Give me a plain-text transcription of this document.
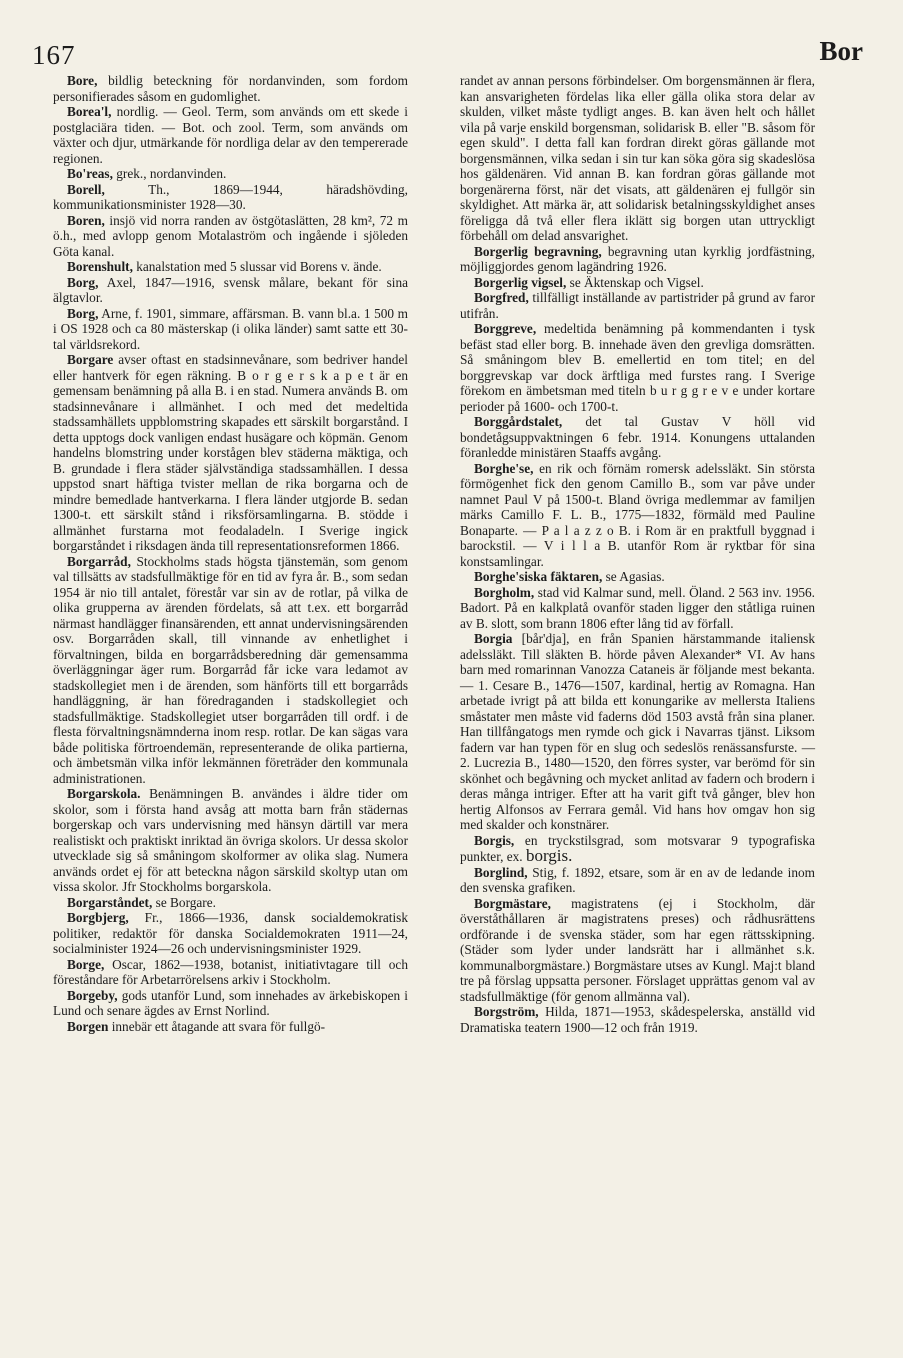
167	Bor

Bore, bildlig beteckning för nordanvinden, som fordom personifierades såsom en gudomlighet.

Borea'l, nordlig. — Geol. Term, som används om ett skede i postglaciära tiden. — Bot. och zool. Term, som används om växter och djur, utmärkande för nordliga delar av den tempererade regionen.

Bo'reas, grek., nordanvinden.

Borell, Th., 1869—1944, häradshövding, kommunikationsminister 1928—30.

Boren, insjö vid norra randen av östgötaslätten, 28 km², 72 m ö.h., med avlopp genom Motalaström och ingående i sjöleden Göta kanal.

Borenshult, kanalstation med 5 slussar vid Borens v. ände.

Borg, Axel, 1847—1916, svensk målare, bekant för sina älgtavlor.

Borg, Arne, f. 1901, simmare, affärsman. B. vann bl.a. 1 500 m i OS 1928 och ca 80 mästerskap (i olika länder) samt satte ett 30-tal världsrekord.

Borgare avser oftast en stadsinnevånare, som bedriver handel eller hantverk för egen räkning. B o r g e r s k a p e t är en gemensam benämning på alla B. i en stad. Numera används B. om stadsinnevånare i allmänhet. I och med det medeltida stadssamhällets uppblomstring skapades ett särskilt borgarstånd. I detta upptogs dock vanligen endast husägare och köpmän. Genom handelns blomstring under korstågen blev städerna mäktiga, och B. grundade i flera städer självständiga stadssamhällen. I dessa uppstod snart häftiga tvister mellan de rika borgarna och de mindre bemedlade hantverkarna. I flera länder utgjorde B. sedan 1300-t. ett särskilt stånd i riksförsamlingarna. B. stödde i allmänhet furstarna mot feodaladeln. I Sverige ingick borgarståndet i riksdagen ända till representationsreformen 1866.

Borgarråd, Stockholms stads högsta tjänstemän, som genom val tillsätts av stadsfullmäktige för en tid av fyra år. B., som sedan 1954 är nio till antalet, förestår var sin av de rotlar, på vilka de olika grupperna av ärenden fördelats, så att t.ex. ett borgarråd närmast handlägger finansärenden, ett annat undervisningsärenden osv. Borgarråden skall, till vinnande av enhetlighet i förvaltningen, bilda en borgarrådsberedning där gemensamma överläggningar äger rum. Borgarråd får icke vara ledamot av stadskollegiet men i de ärenden, som hänförts till ett borgarråds handläggning, är han föredraganden i stadskollegiet och stadsfullmäktige. Stadskollegiet utser borgarråden till ordf. i de flesta förvaltningsnämnderna inom resp. rotlar. De kan sägas vara både politiska förtroendemän, representerande de olika partierna, och ämbetsmän vilka inför lekmännen företräder den kommunala administrationen.

Borgarskola. Benämningen B. användes i äldre tider om skolor, som i första hand avsåg att motta barn från städernas borgerskap och vars undervisning med hänsyn därtill var mera realistiskt och praktiskt inriktad än övriga skolors. Ur dessa skolor utvecklade sig så småningom skolformer av olika slag. Numera används ordet ej för att beteckna någon särskild skoltyp utan om vissa skolor. Jfr Stockholms borgarskola.

Borgarståndet, se Borgare.

Borgbjerg, Fr., 1866—1936, dansk socialdemokratisk politiker, redaktör för danska Socialdemokraten 1911—24, socialminister 1924—26 och undervisningsminister 1929.

Borge, Oscar, 1862—1938, botanist, initiativtagare till och föreståndare för Arbetarrörelsens arkiv i Stockholm.

Borgeby, gods utanför Lund, som innehades av ärkebiskopen i Lund och senare ägdes av Ernst Norlind.

Borgen innebär ett åtagande att svara för fullgö-

randet av annan persons förbindelser. Om borgensmännen är flera, kan ansvarigheten fördelas lika eller gälla olika stora delar av skulden, vilket måste tydligt anges. B. kan även helt och hållet vila på varje enskild borgensman, solidarisk B. eller "B. såsom för egen skuld". I detta fall kan fordran direkt göras gällande mot borgensmännen, vilka sedan i sin tur kan söka göra sig skadeslösa hos gäldenären. Vid annan B. kan fordran göras gällande mot borgenärerna först, när det visats, att gäldenären ej fullgör sin skyldighet. Att märka är, att solidarisk betalningsskyldighet anses föreligga då två eller flera iklätt sig borgen utan uttryckligt förbehåll om delad ansvarighet.

Borgerlig begravning, begravning utan kyrklig jordfästning, möjliggjordes genom lagändring 1926.

Borgerlig vigsel, se Äktenskap och Vigsel.

Borgfred, tillfälligt inställande av partistrider på grund av faror utifrån.

Borggreve, medeltida benämning på kommendanten i tysk befäst stad eller borg. B. innehade även den grevliga domsrätten. Så småningom blev B. emellertid en tom titel; en del borggrevskap var dock ärftliga med furstes rang. I Sverige förekom en ämbetsman med titeln b u r g g r e v e under kortare perioder på 1600- och 1700-t.

Borggårdstalet, det tal Gustav V höll vid bondetågsuppvaktningen 6 febr. 1914. Konungens uttalanden föranledde ministären Staaffs avgång.

Borghe'se, en rik och förnäm romersk adelssläkt. Sin största förmögenhet fick den genom Camillo B., som var påve under namnet Paul V på 1500-t. Bland övriga medlemmar av familjen märks Camillo F. L. B., 1775—1832, förmäld med Pauline Bonaparte. — P a l a z z o B. i Rom är en praktfull byggnad i barockstil. — V i l l a B. utanför Rom är ryktbar för sina konstsamlingar.

Borghe'siska fäktaren, se Agasias.

Borgholm, stad vid Kalmar sund, mell. Öland. 2 563 inv. 1956. Badort. På en kalkplatå ovanför staden ligger den ståtliga ruinen av B. slott, som brann 1806 efter lång tid av förfall.

Borgia [bår'dja], en från Spanien härstammande italiensk adelssläkt. Till släkten B. hörde påven Alexander* VI. Av hans barn med romarinnan Vanozza Cataneis är följande mest bekanta. — 1. Cesare B., 1476—1507, kardinal, hertig av Romagna. Han arbetade ivrigt på att bilda ett konungarike av mellersta Italiens småstater men måste vid faderns död 1503 avstå från sina planer. Han tillfångatogs men rymde och gick i Navarras tjänst. Liksom fadern var han typen för en slug och sedeslös renässansfurste. — 2. Lucrezia B., 1480—1520, den förres syster, var berömd för sin skönhet och begåvning och mycket anlitad av fadern och brodern i deras många intriger. Efter att ha varit gift två gånger, blev hon hertig Alfonsos av Ferrara gemål. Vid hans hov omgav hon sig med skalder och konstnärer.

Borgis, en tryckstilsgrad, som motsvarar 9 typografiska punkter, ex. borgis.

Borglind, Stig, f. 1892, etsare, som är en av de ledande inom den svenska grafiken.

Borgmästare, magistratens (ej i Stockholm, där överståthållaren är magistratens preses) och rådhusrättens ordförande i de svenska städer, som har egen rättsskipning. (Städer som lyder under landsrätt har i allmänhet s.k. kommunalborgmästare.) Borgmästare utses av Kungl. Maj:t bland tre på förslag uppsatta personer. Förslaget upprättas genom val av stadsfullmäktige (för genom allmänna val).

Borgström, Hilda, 1871—1953, skådespelerska, anställd vid Dramatiska teatern 1900—12 och från 1919.
